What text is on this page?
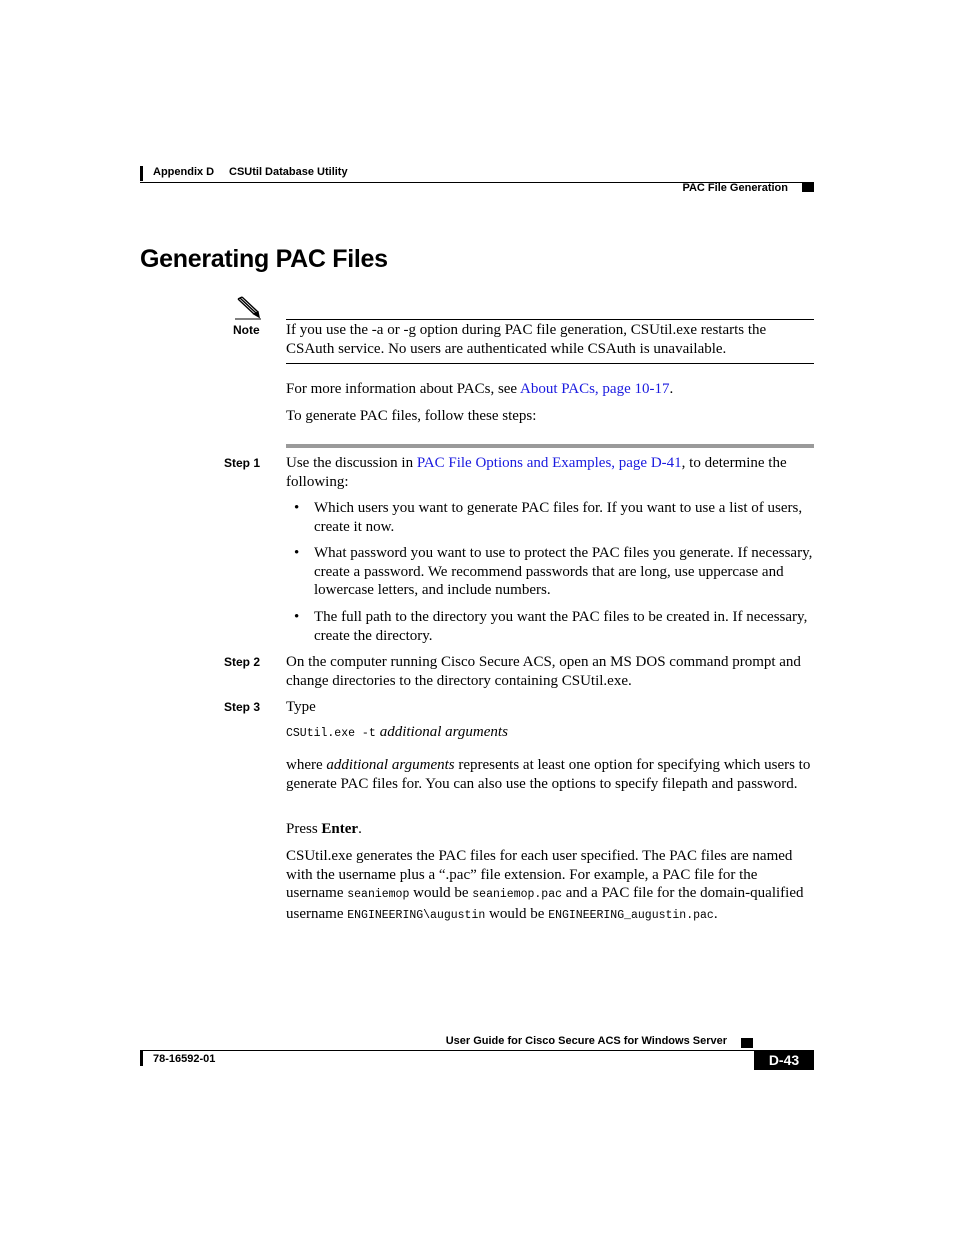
Appendix D CSUtil Database Utility
PAC File Generation
Generating PAC Files
Note If you use the -a or -g option during PAC file generation, CSUtil.exe restarts the CSAuth service. No users are authenticated while CSAuth is unavailable.
For more information about PACs, see About PACs, page 10-17.
To generate PAC files, follow these steps:
Step 1 Use the discussion in PAC File Options and Examples, page D-41, to determine the following:
• Which users you want to generate PAC files for. If you want to use a list of users, create it now.
• What password you want to use to protect the PAC files you generate. If necessary, create a password. We recommend passwords that are long, use uppercase and lowercase letters, and include numbers.
• The full path to the directory you want the PAC files to be created in. If necessary, create the directory.
Step 2 On the computer running Cisco Secure ACS, open an MS DOS command prompt and change directories to the directory containing CSUtil.exe.
Step 3 Type
CSUtil.exe -t additional arguments
where additional arguments represents at least one option for specifying which users to generate PAC files for. You can also use the options to specify filepath and password.
Press Enter.
CSUtil.exe generates the PAC files for each user specified. The PAC files are named with the username plus a “.pac” file extension. For example, a PAC file for the username seaniemop would be seaniemop.pac and a PAC file for the domain-qualified username ENGINEERING\augustin would be ENGINEERING_augustin.pac.
User Guide for Cisco Secure ACS for Windows Server
78-16592-01	D-43
